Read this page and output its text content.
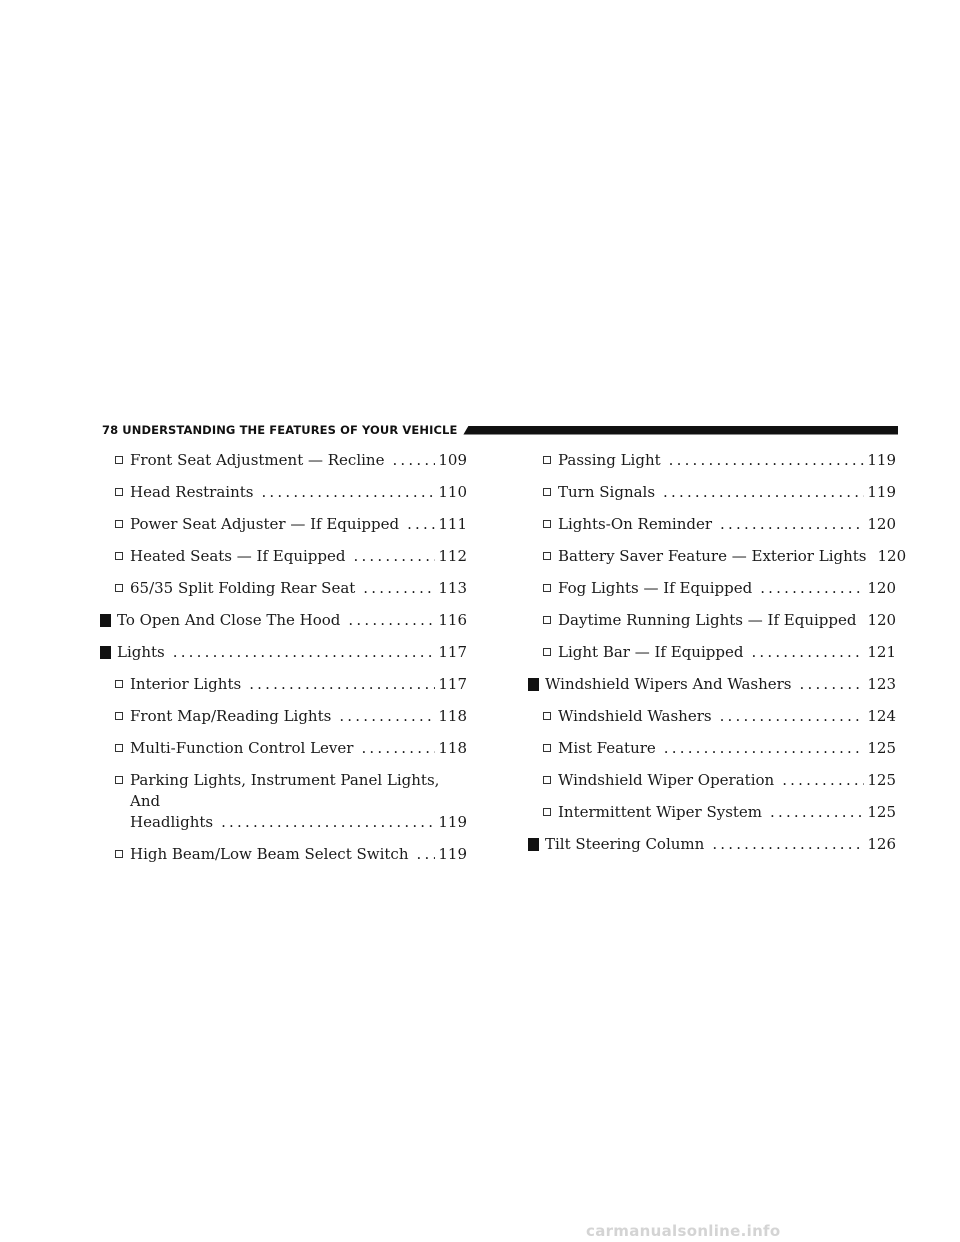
78 UNDERSTANDING THE FEATURES OF YOUR VEHICLE
Front Seat Adjustment — Recline .....	109
Head Restraints .....	110
Power Seat Adjuster — If Equipped .....	111
Heated Seats — If Equipped .....	112
65/35 Split Folding Rear Seat .....	113
To Open And Close The Hood .....	116
Lights .....	117
Interior Lights .....	117
Front Map/Reading Lights .....	118
Multi-Function Control Lever .....	118
Parking Lights, Instrument Panel Lights, And
Headlights .....	119
High Beam/Low Beam Select Switch ..... 119
Passing Light .....	119
Turn Signals .....	119
Lights-On Reminder .....	120
Battery Saver Feature — Exterior Lights 120
Fog Lights — If Equipped .....	120
Daytime Running Lights — If Equipped 120
Light Bar — If Equipped .....	121
Windshield Wipers And Washers .....	123
Windshield Washers .....	124
Mist Feature .....	125
Windshield Wiper Operation .....	125
Intermittent Wiper System .....	125
Tilt Steering Column .....	126
carmanualsonline.info
